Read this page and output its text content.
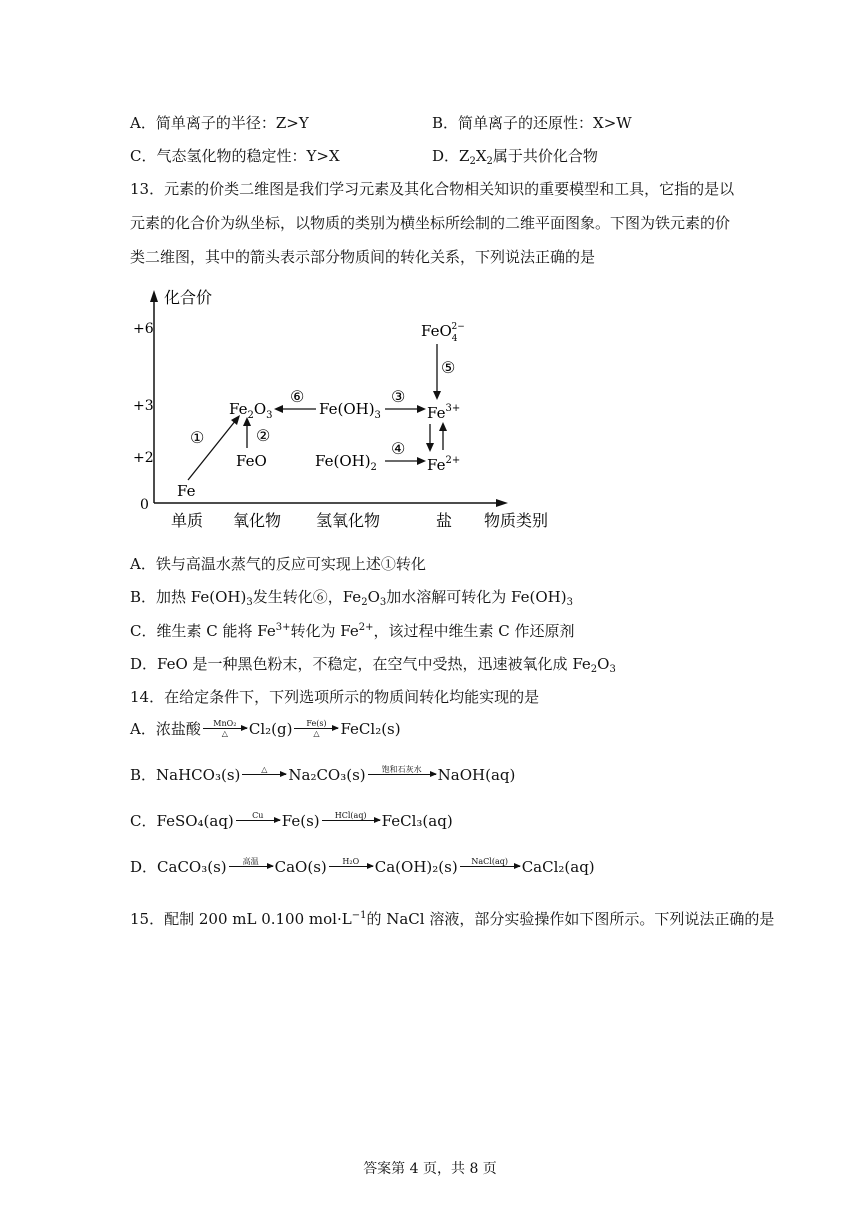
A．简单离子的半径：Z>Y	B．简单离子的还原性：X>W
C．气态氢化物的稳定性：Y>X	D．$Z_2X_2$属于共价化合物
13．元素的价类二维图是我们学习元素及其化合物相关知识的重要模型和工具，它指的是以
元素的化合价为纵坐标，以物质的类别为横坐标所绘制的二维平面图象。下图为铁元素的价
类二维图，其中的箭头表示部分物质间的转化关系，下列说法正确的是
化合价
+6
+3
+2
0
单质 氧化物 氢氧化物	盐 物质类别
Fe
$Fe_2O_3$
FeO
$Fe(OH)_3$
$Fe(OH)_2$
$Fe^{3+}$
$Fe^{2+}$
FeO$_4$2−
①	②
③
④
⑤
⑥
A．铁与高温水蒸气的反应可实现上述①转化
B．加热 $Fe(OH)_3$发生转化⑥，$Fe_2O_3$加水溶解可转化为 $Fe(OH)_3$
C．维生素 C 能将 $Fe^{3+}$转化为 $Fe^{2+}$，该过程中维生素 C 作还原剂
D．FeO 是一种黑色粉末，不稳定，在空气中受热，迅速被氧化成 $Fe_2O_3$
14．在给定条件下，下列选项所示的物质间转化均能实现的是
A． 浓盐酸 MnO₂
△ Cl₂(g) Fe(s)
△ FeCl₂(s)
B． NaHCO₃(s)	△ Na₂CO₃(s) 饱和石灰水 NaOH(aq)
C． FeSO₄(aq) Cu Fe(s) HCl(aq) FeCl₃(aq)
D． CaCO₃(s) 高温 CaO(s) H₂O Ca(OH)₂(s) NaCl(aq) CaCl₂(aq)
15．配制 200 mL 0.100 $mol\cdot L^{-1}$的 NaCl 溶液，部分实验操作如下图所示。下列说法正确的是
答案第 4 页，共 8 页
